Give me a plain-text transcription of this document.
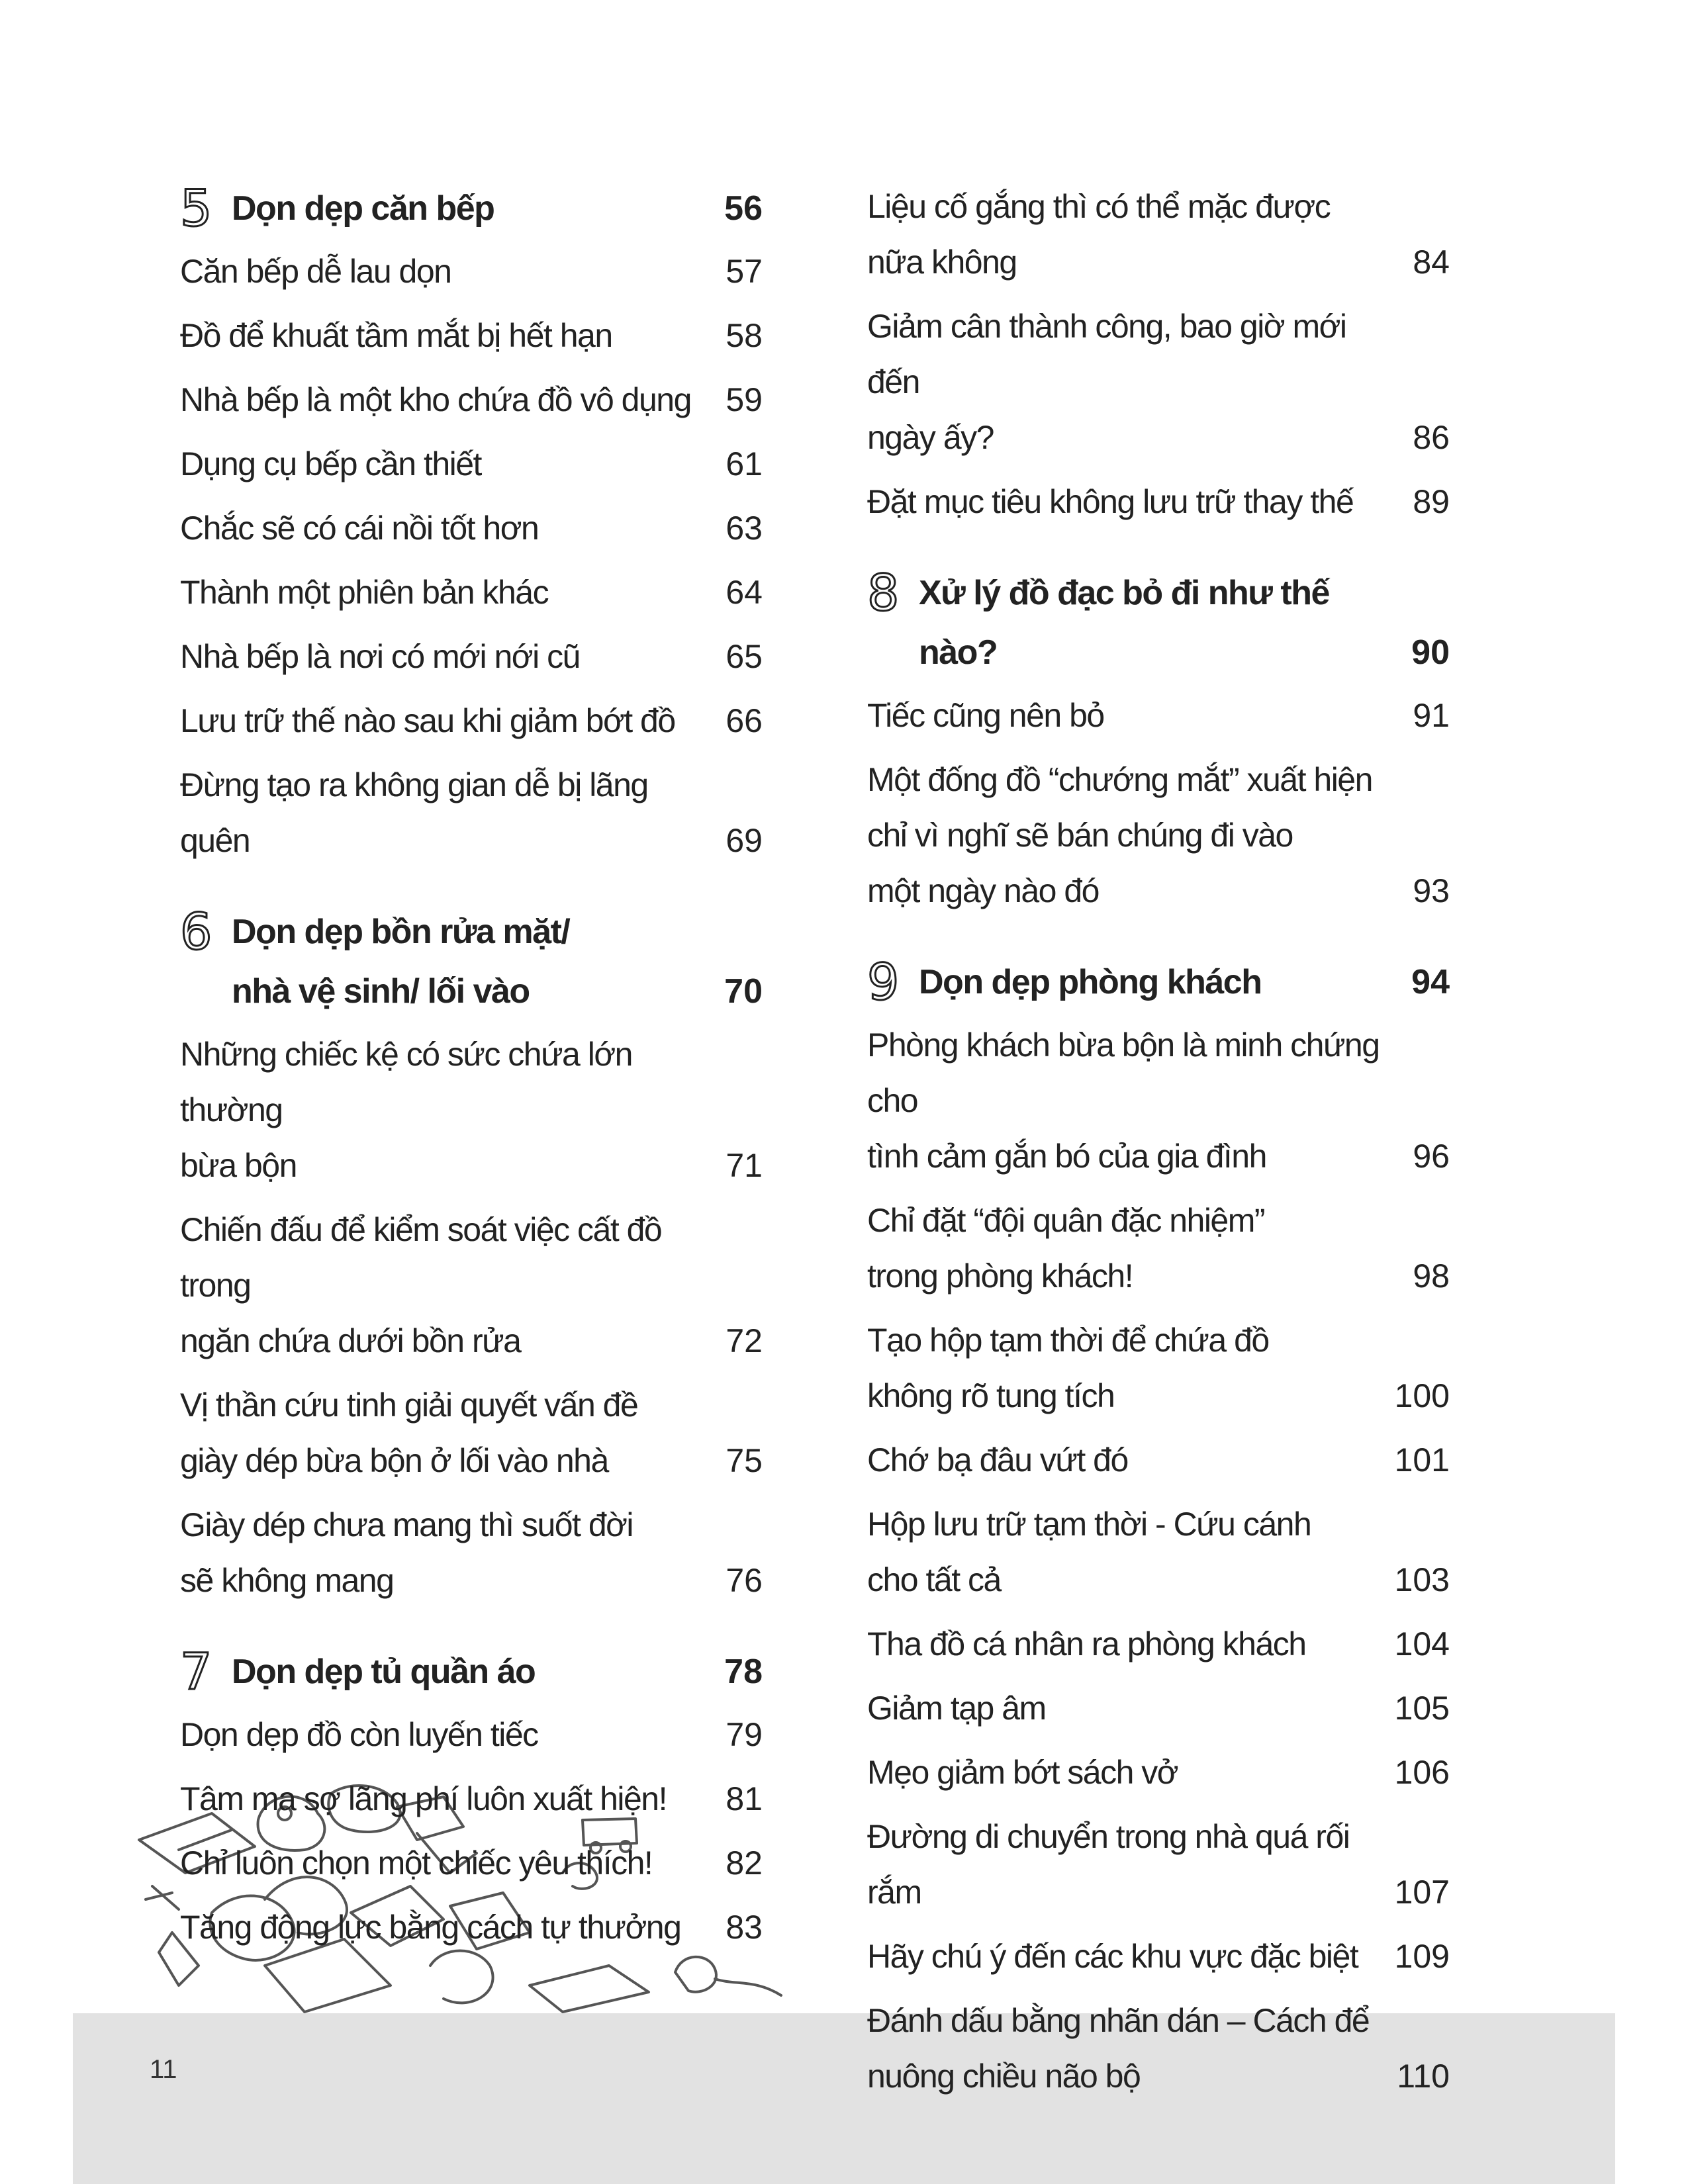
11
5 Dọn dẹp căn bếp	56
Căn bếp dễ lau dọn	57
Đồ để khuất tầm mắt bị hết hạn	58
Nhà bếp là một kho chứa đồ vô dụng	59
Dụng cụ bếp cần thiết	61
Chắc sẽ có cái nồi tốt hơn	63
Thành một phiên bản khác	64
Nhà bếp là nơi có mới nới cũ	65
Lưu trữ thế nào sau khi giảm bớt đồ	66
Đừng tạo ra không gian dễ bị lãng quên	69
6 Dọn dẹp bồn rửa mặt/
nhà vệ sinh/ lối vào	70
Những chiếc kệ có sức chứa lớn thường
bừa bộn	71
Chiến đấu để kiểm soát việc cất đồ trong
ngăn chứa dưới bồn rửa	72
Vị thần cứu tinh giải quyết vấn đề
giày dép bừa bộn ở lối vào nhà	75
Giày dép chưa mang thì suốt đời
sẽ không mang	76
7 Dọn dẹp tủ quần áo	78
Dọn dẹp đồ còn luyến tiếc	79
Tâm ma sợ lãng phí luôn xuất hiện!	81
Chỉ luôn chọn một chiếc yêu thích!	82
Tăng động lực bằng cách tự thưởng	83
Liệu cố gắng thì có thể mặc được
nữa không	84
Giảm cân thành công, bao giờ mới đến
ngày ấy?	86
Đặt mục tiêu không lưu trữ thay thế	89
8 Xử lý đồ đạc bỏ đi như thế nào?	90
Tiếc cũng nên bỏ	91
Một đống đồ “chướng mắt” xuất hiện
chỉ vì nghĩ sẽ bán chúng đi vào
một ngày nào đó	93
9 Dọn dẹp phòng khách	94
Phòng khách bừa bộn là minh chứng cho
tình cảm gắn bó của gia đình	96
Chỉ đặt “đội quân đặc nhiệm”
trong phòng khách!	98
Tạo hộp tạm thời để chứa đồ
không rõ tung tích	100
Chớ bạ đâu vứt đó	101
Hộp lưu trữ tạm thời - Cứu cánh
cho tất cả	103
Tha đồ cá nhân ra phòng khách	104
Giảm tạp âm	105
Mẹo giảm bớt sách vở	106
Đường di chuyển trong nhà quá rối rắm	107
Hãy chú ý đến các khu vực đặc biệt	109
Đánh dấu bằng nhãn dán – Cách để
nuông chiều não bộ	110
